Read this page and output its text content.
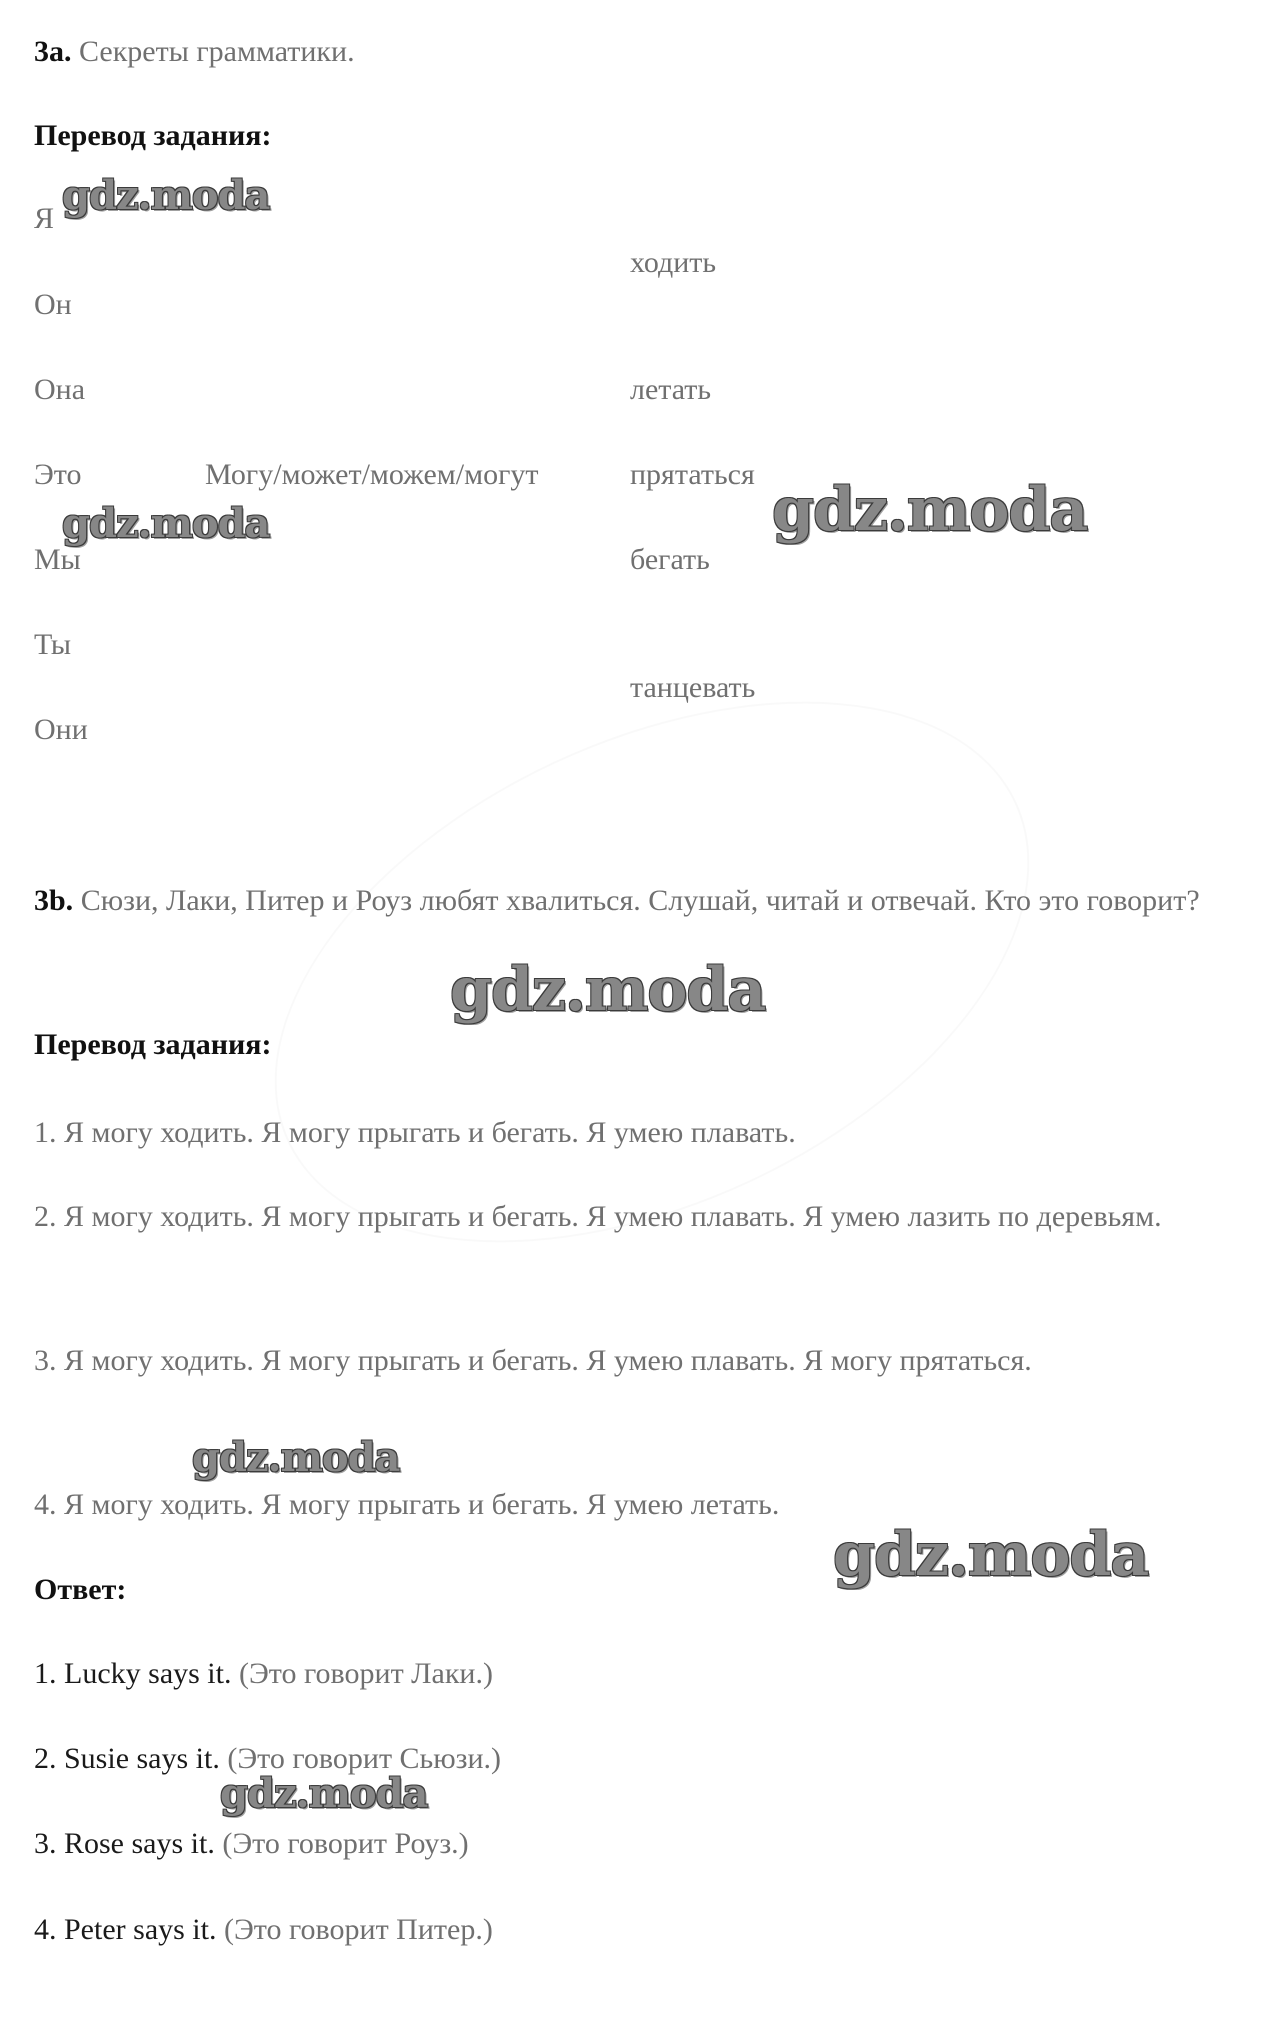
3a. Секреты грамматики.
Перевод задания:
Я
Он
Она
Это
Мы
Ты
Они
Могу/может/можем/могут
ходить
летать
прятаться
бегать
танцевать
3b. Сюзи, Лаки, Питер и Роуз любят хвалиться. Слушай, читай и отвечай. Кто это говорит?
Перевод задания:
1. Я могу ходить. Я могу прыгать и бегать. Я умею плавать.
2. Я могу ходить. Я могу прыгать и бегать. Я умею плавать. Я умею лазить по деревьям.
3. Я могу ходить. Я могу прыгать и бегать. Я умею плавать. Я могу прятаться.
4. Я могу ходить. Я могу прыгать и бегать. Я умею летать.
Ответ:
1. Lucky says it. (Это говорит Лаки.)
2. Susie says it. (Это говорит Сьюзи.)
3. Rose says it. (Это говорит Роуз.)
4. Peter says it. (Это говорит Питер.)
gdz.moda
gdz.moda	gdz.moda
gdz.moda
gdz.moda
gdz.moda
gdz.moda
